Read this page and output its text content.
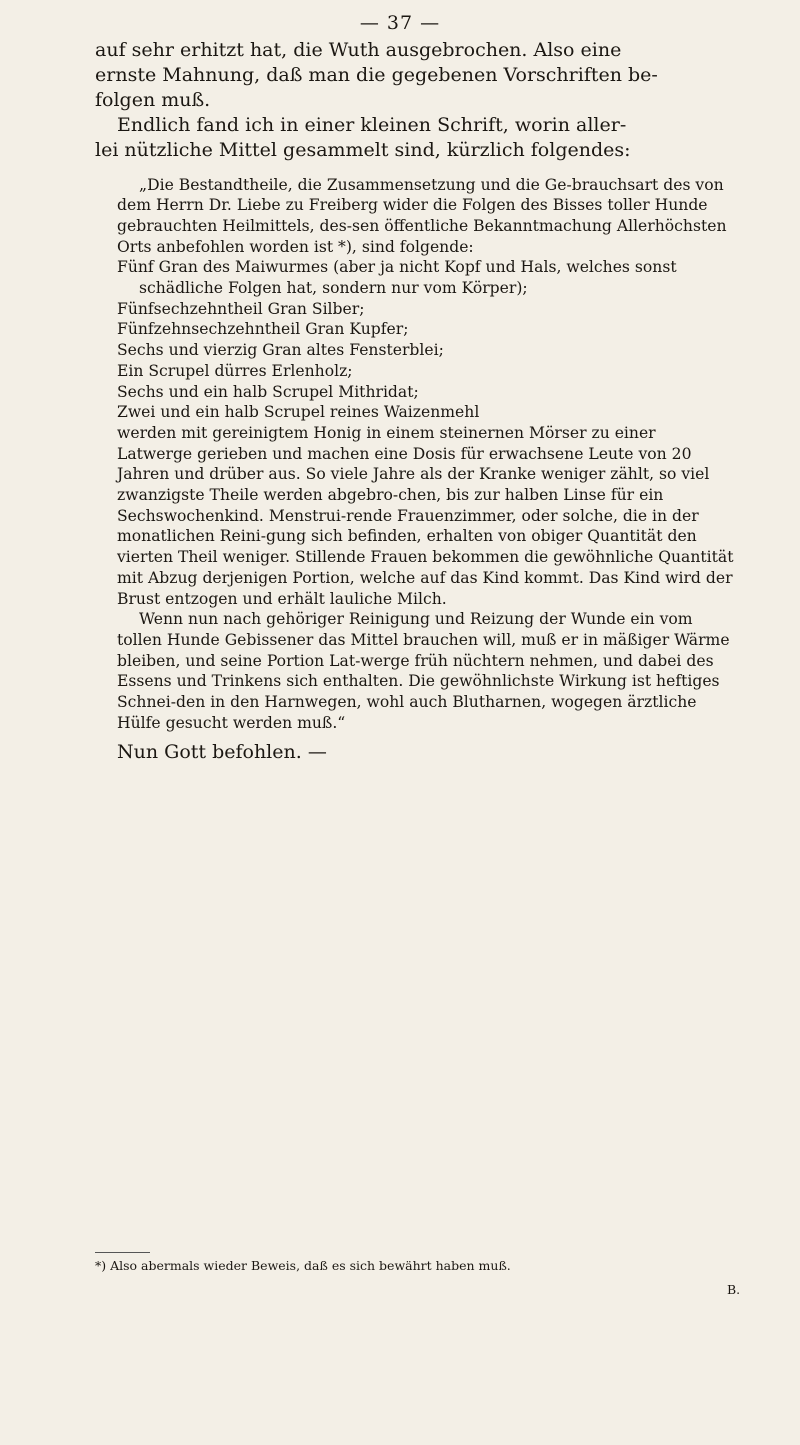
— 37 —

auf sehr erhitzt hat, die Wuth ausgebrochen. Also eine
ernste Mahnung, daß man die gegebenen Vorschriften be-
folgen muß.

Endlich fand ich in einer kleinen Schrift, worin aller-
lei nützliche Mittel gesammelt sind, kürzlich folgendes:

„Die Bestandtheile, die Zusammensetzung und die Ge-brauchsart des von dem Herrn Dr. Liebe zu Freiberg wider die Folgen des Bisses toller Hunde gebrauchten Heilmittels, des-sen öffentliche Bekanntmachung Allerhöchsten Orts anbefohlen worden ist *), sind folgende:

Fünf Gran des Maiwurmes (aber ja nicht Kopf und Hals, welches sonst schädliche Folgen hat, sondern nur vom Körper);

Fünfsechzehntheil Gran Silber;

Fünfzehnsechzehntheil Gran Kupfer;

Sechs und vierzig Gran altes Fensterblei;

Ein Scrupel dürres Erlenholz;

Sechs und ein halb Scrupel Mithridat;

Zwei und ein halb Scrupel reines Waizenmehl

werden mit gereinigtem Honig in einem steinernen Mörser zu einer Latwerge gerieben und machen eine Dosis für erwachsene Leute von 20 Jahren und drüber aus. So viele Jahre als der Kranke weniger zählt, so viel zwanzigste Theile werden abgebro-chen, bis zur halben Linse für ein Sechswochenkind. Menstrui-rende Frauenzimmer, oder solche, die in der monatlichen Reini-gung sich befinden, erhalten von obiger Quantität den vierten Theil weniger. Stillende Frauen bekommen die gewöhnliche Quantität mit Abzug derjenigen Portion, welche auf das Kind kommt. Das Kind wird der Brust entzogen und erhält lauliche Milch.

Wenn nun nach gehöriger Reinigung und Reizung der Wunde ein vom tollen Hunde Gebissener das Mittel brauchen will, muß er in mäßiger Wärme bleiben, und seine Portion Lat-werge früh nüchtern nehmen, und dabei des Essens und Trinkens sich enthalten. Die gewöhnlichste Wirkung ist heftiges Schnei-den in den Harnwegen, wohl auch Blutharnen, wogegen ärztliche Hülfe gesucht werden muß.“

Nun Gott befohlen. —

*) Also abermals wieder Beweis, daß es sich bewährt haben muß.
B.
